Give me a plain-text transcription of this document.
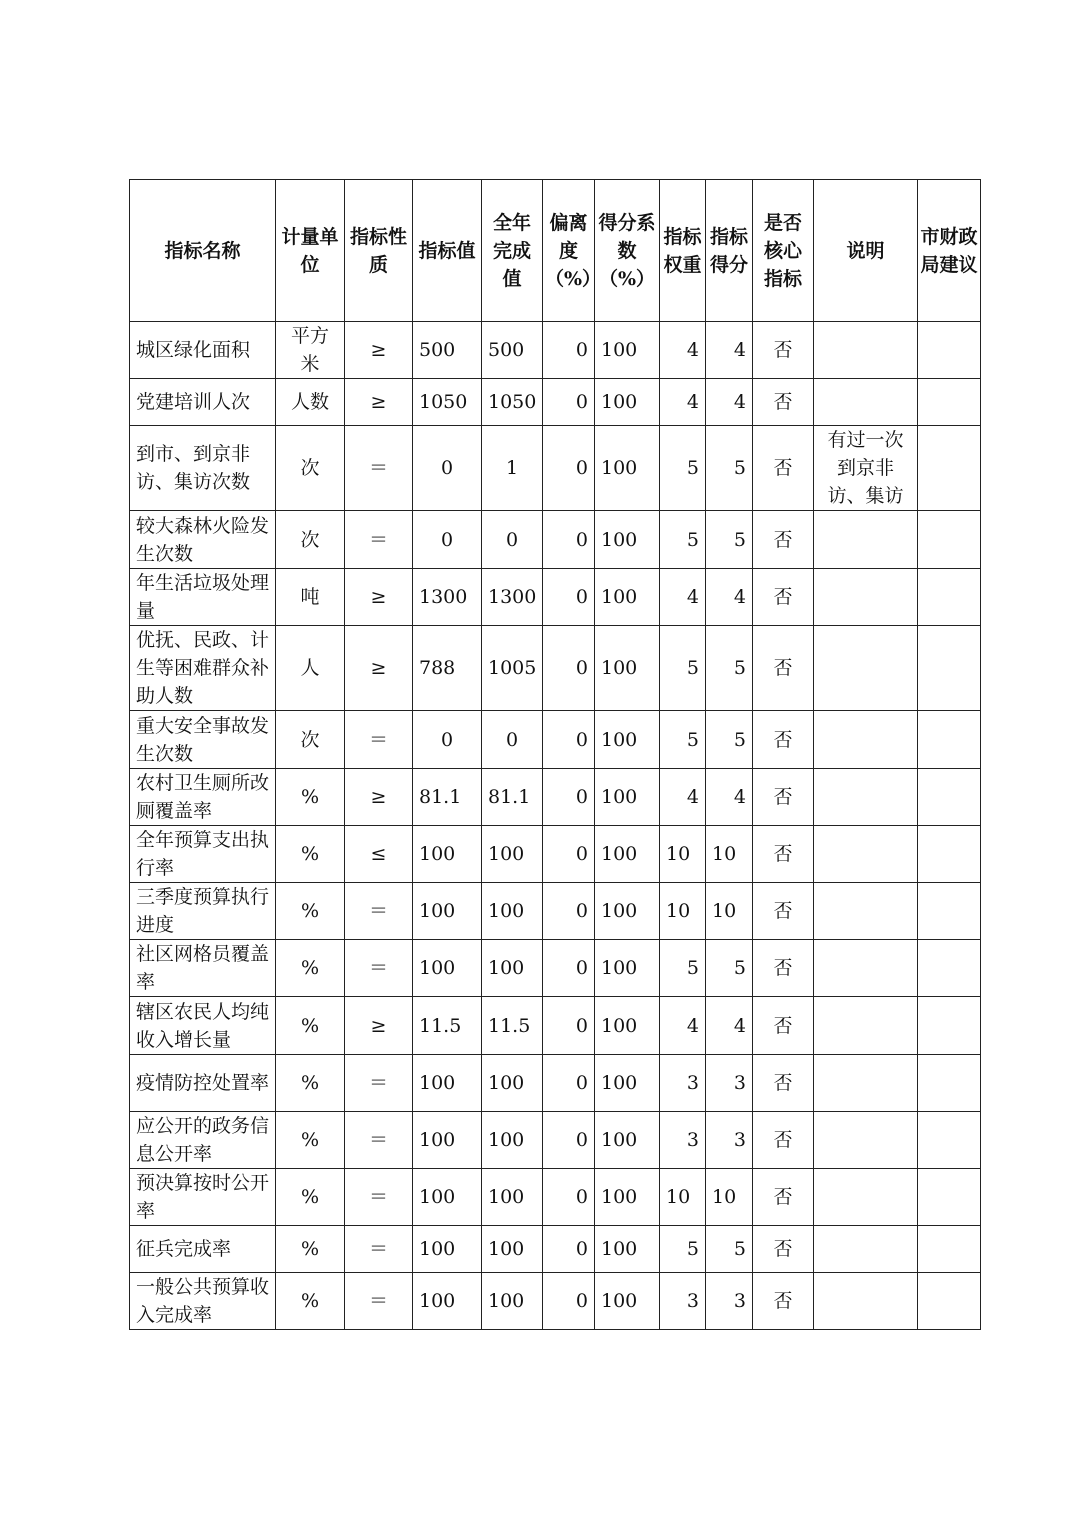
指标名称	计量单位	指标性质	指标值	全年完成值	偏离度（%）	得分系数（%）	指标权重	指标得分	是否核心指标	说明	市财政局建议
城区绿化面积	平方米	≥	500	500	0	100	4	4	否		
党建培训人次	人数	≥	1050	1050	0	100	4	4	否		
到市、到京非访、集访次数	次	＝	0	1	0	100	5	5	否	有过一次到京非访、集访	
较大森林火险发生次数	次	＝	0	0	0	100	5	5	否		
年生活垃圾处理量	吨	≥	1300	1300	0	100	4	4	否		
优抚、民政、计生等困难群众补助人数	人	≥	788	1005	0	100	5	5	否		
重大安全事故发生次数	次	＝	0	0	0	100	5	5	否		
农村卫生厕所改厕覆盖率	%	≥	81.1	81.1	0	100	4	4	否		
全年预算支出执行率	%	≤	100	100	0	100	10	10	否		
三季度预算执行进度	%	＝	100	100	0	100	10	10	否		
社区网格员覆盖率	%	＝	100	100	0	100	5	5	否		
辖区农民人均纯收入增长量	%	≥	11.5	11.5	0	100	4	4	否		
疫情防控处置率	%	＝	100	100	0	100	3	3	否		
应公开的政务信息公开率	%	＝	100	100	0	100	3	3	否		
预决算按时公开率	%	＝	100	100	0	100	10	10	否		
征兵完成率	%	＝	100	100	0	100	5	5	否		
一般公共预算收入完成率	%	＝	100	100	0	100	3	3	否		
